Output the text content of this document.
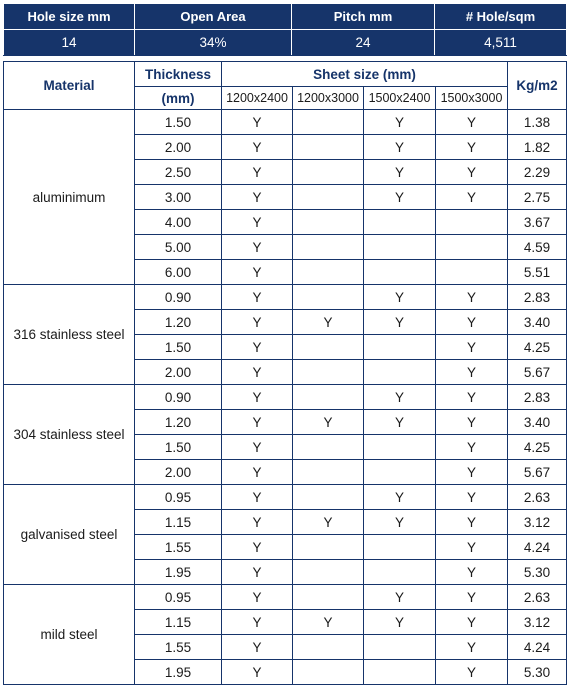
Hole size mm	Open Area	Pitch mm	# Hole/sqm
14	34%	24	4,511
Material	Thickness	Sheet size (mm)				Kg/m2
	(mm)	1200x2400	1200x3000	1500x2400	1500x3000	
aluminimum	1.50	Y		Y	Y	1.38
	2.00	Y		Y	Y	1.82
	2.50	Y		Y	Y	2.29
	3.00	Y		Y	Y	2.75
	4.00	Y				3.67
	5.00	Y				4.59
	6.00	Y				5.51
316 stainless steel	0.90	Y		Y	Y	2.83
	1.20	Y	Y	Y	Y	3.40
	1.50	Y			Y	4.25
	2.00	Y			Y	5.67
304 stainless steel	0.90	Y		Y	Y	2.83
	1.20	Y	Y	Y	Y	3.40
	1.50	Y			Y	4.25
	2.00	Y			Y	5.67
galvanised steel	0.95	Y		Y	Y	2.63
	1.15	Y	Y	Y	Y	3.12
	1.55	Y			Y	4.24
	1.95	Y			Y	5.30
mild steel	0.95	Y		Y	Y	2.63
	1.15	Y	Y	Y	Y	3.12
	1.55	Y			Y	4.24
	1.95	Y			Y	5.30
